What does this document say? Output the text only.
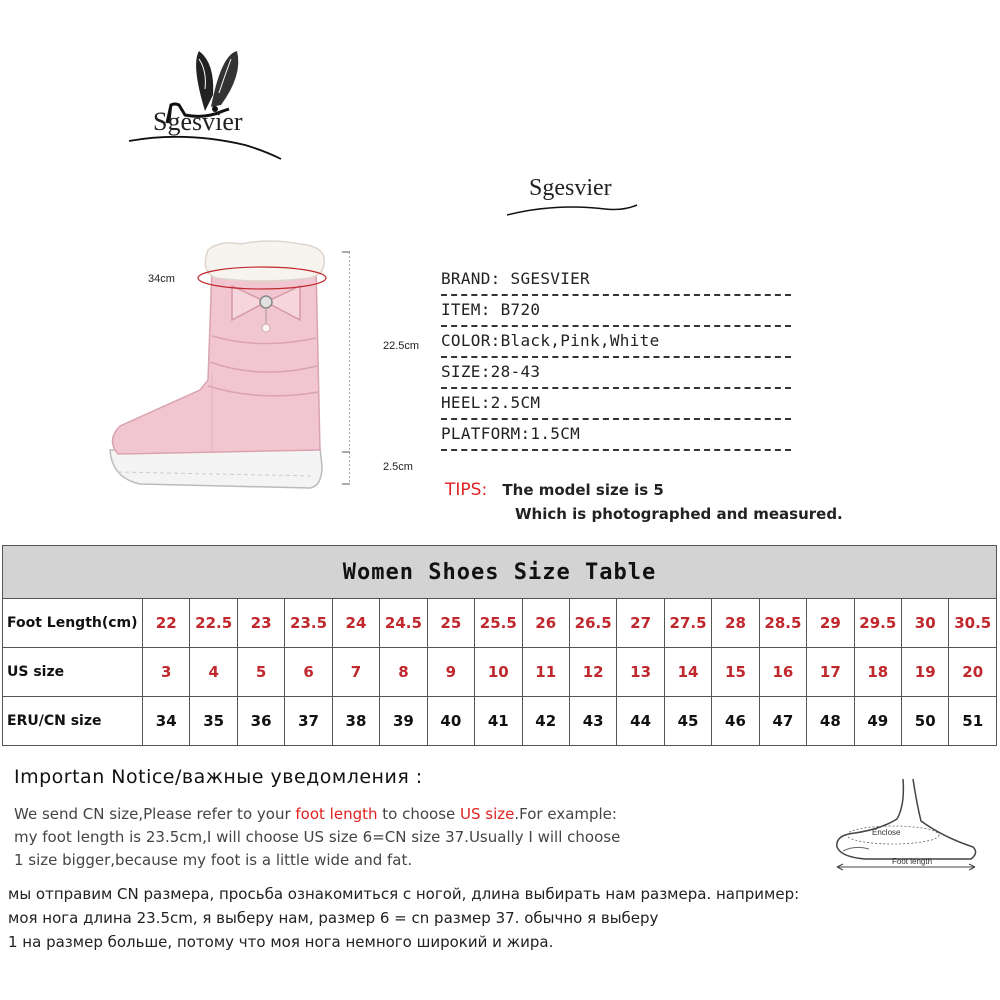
Sgesvier
Sgesvier
34cm
22.5cm
2.5cm
BRAND: SGESVIER
ITEM: B720
COLOR:Black,Pink,White
SIZE:28-43
HEEL:2.5CM
PLATFORM:1.5CM
TIPS: The model size is 5
Which is photographed and measured.
Women Shoes Size Table																		
Foot Length(cm)	22	22.5	23	23.5	24	24.5	25	25.5	26	26.5	27	27.5	28	28.5	29	29.5	30	30.5
US size	3	4	5	6	7	8	9	10	11	12	13	14	15	16	17	18	19	20
ERU/CN size	34	35	36	37	38	39	40	41	42	43	44	45	46	47	48	49	50	51
Importan Notice/важные уведомления :
We send CN size,Please refer to your foot length to choose US size.For example:
my foot length is 23.5cm,I will choose US size 6=CN size 37.Usually I will choose
1 size bigger,because my foot is a little wide and fat.
мы отправим CN размера, просьба ознакомиться с ногой, длина выбирать нам размера. например:
моя нога длина 23.5cm, я выберу нам, размер 6 = cn размер 37. обычно я выберу
1 на размер больше, потому что моя нога немного широкий и жира.
Enclose
Foot length
